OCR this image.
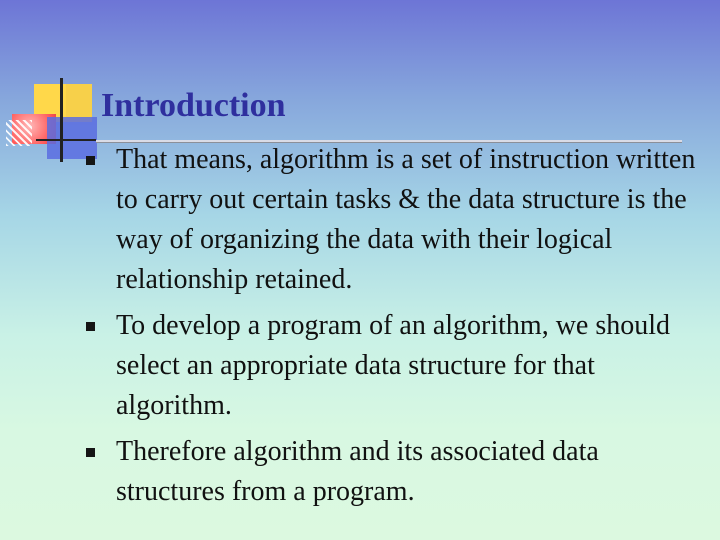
Introduction
That means, algorithm is a set of instruction written to carry out certain tasks & the data structure is the way of organizing the data with their logical relationship retained.
To develop a program of an algorithm, we should select an appropriate data structure for that algorithm.
Therefore algorithm and its associated data structures from a program.
